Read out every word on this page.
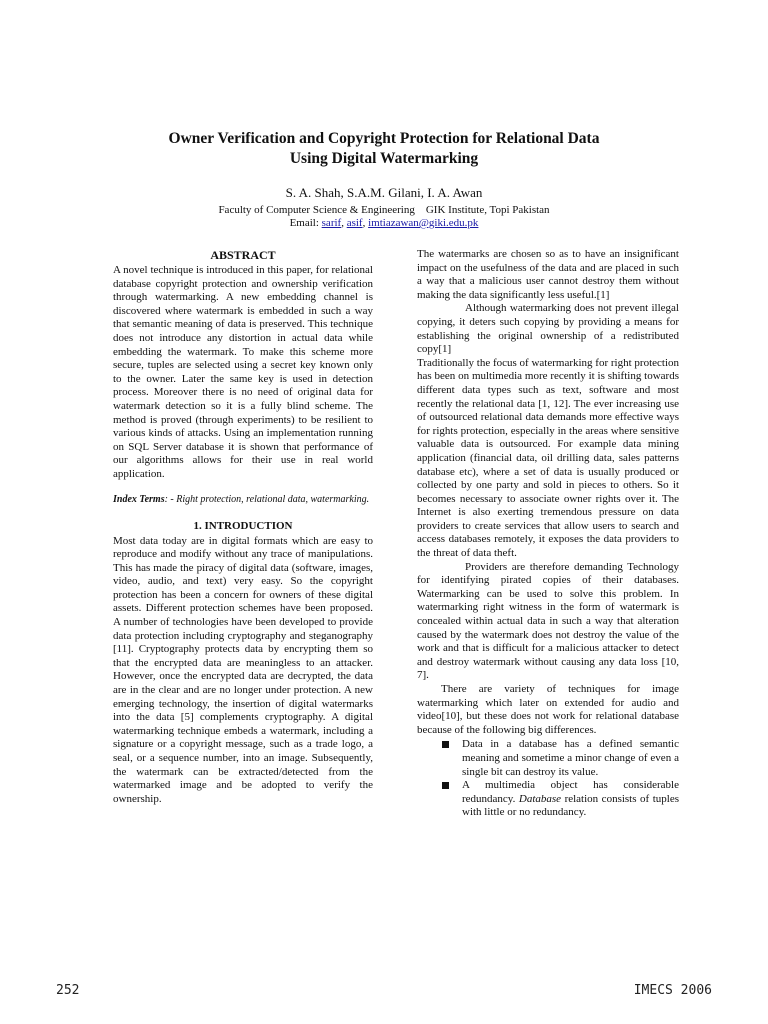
Owner Verification and Copyright Protection for Relational Data
Using Digital Watermarking
S. A. Shah, S.A.M. Gilani, I. A. Awan
Faculty of Computer Science & Engineering    GIK Institute, Topi Pakistan
Email: sarif, asif, imtiazawan@giki.edu.pk
ABSTRACT

A novel technique is introduced in this paper, for relational database copyright protection and ownership verification through watermarking. A new embedding channel is discovered where watermark is embedded in such a way that semantic meaning of data is preserved. This technique does not introduce any distortion in actual data while embedding the watermark. To make this scheme more secure, tuples are selected using a secret key known only to the owner. Later the same key is used in detection process. Moreover there is no need of original data for watermark detection so it is a fully blind scheme. The method is proved (through experiments) to be resilient to various kinds of attacks. Using an implementation running on SQL Server database it is shown that performance of our algorithms allows for their use in real world application.

Index Terms: - Right protection, relational data, watermarking.
1. INTRODUCTION

Most data today are in digital formats which are easy to reproduce and modify without any trace of manipulations. This has made the piracy of digital data (software, images, video, audio, and text) very easy. So the copyright protection has been a concern for owners of these digital assets. Different protection schemes have been proposed. A number of technologies have been developed to provide data protection including cryptography and steganography [11]. Cryptography protects data by encrypting them so that the encrypted data are meaningless to an attacker. However, once the encrypted data are decrypted, the data are in the clear and are no longer under protection. A new emerging technology, the insertion of digital watermarks into the data [5] complements cryptography. A digital watermarking technique embeds a watermark, including a signature or a copyright message, such as a trade logo, a seal, or a sequence number, into an image. Subsequently, the watermark can be extracted/detected from the watermarked image and be adopted to verify the ownership.

The watermarks are chosen so as to have an insignificant impact on the usefulness of the data and are placed in such a way that a malicious user cannot destroy them without making the data significantly less useful.[1]

Although watermarking does not prevent illegal copying, it deters such copying by providing a means for establishing the original ownership of a redistributed copy[1]

Traditionally the focus of watermarking for right protection has been on multimedia more recently it is shifting towards different data types such as text, software and most recently the relational data [1, 12]. The ever increasing use of outsourced relational data demands more effective ways for rights protection, especially in the areas where sensitive valuable data is outsourced. For example data mining application (financial data, oil drilling data, sales patterns database etc), where a set of data is usually produced or collected by one party and sold in pieces to others. So it becomes necessary to associate owner rights over it. The Internet is also exerting tremendous pressure on data providers to create services that allow users to search and access databases remotely, it exposes the data providers to the threat of data theft.

Providers are therefore demanding Technology for identifying pirated copies of their databases. Watermarking can be used to solve this problem. In watermarking right witness in the form of watermark is concealed within actual data in such a way that alteration caused by the watermark does not destroy the value of the work and that is difficult for a malicious attacker to detect and destroy watermark without causing any data loss [10, 7].

There are variety of techniques for image watermarking which later on extended for audio and video[10], but these does not work for relational database because of the following big differences.

Data in a database has a defined semantic meaning and sometime a minor change of even a single bit can destroy its value.
A multimedia object has considerable redundancy. Database relation consists of tuples with little or no redundancy.
252	IMECS 2006
